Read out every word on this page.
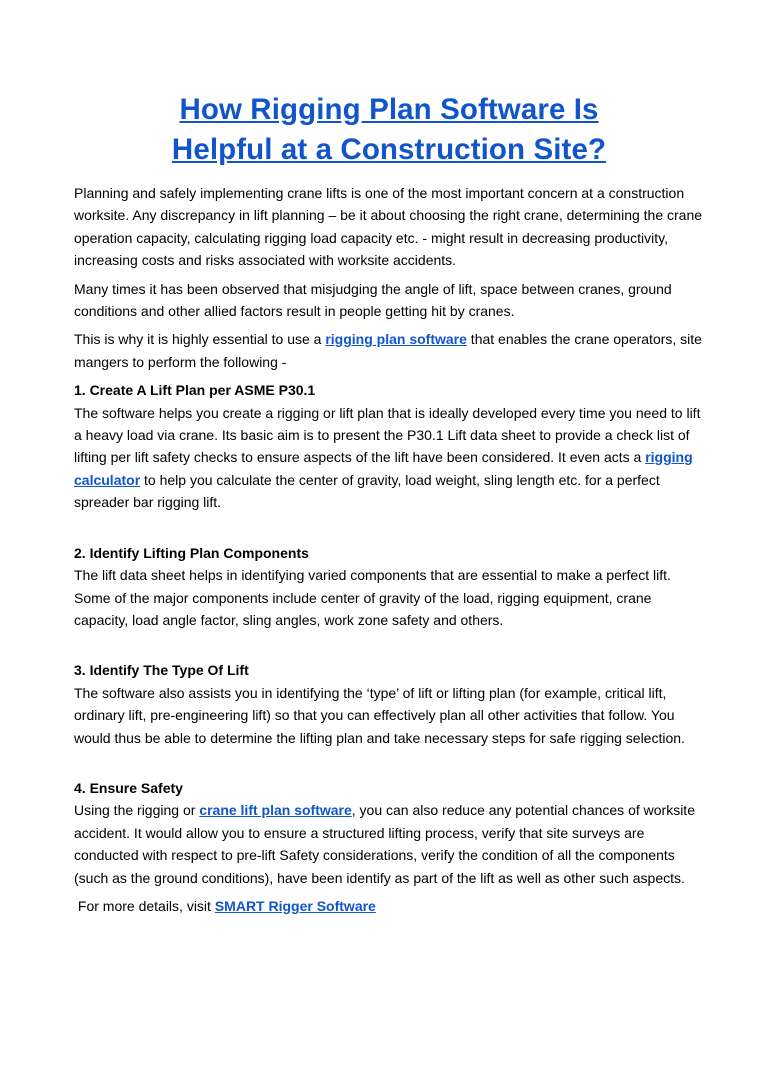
How Rigging Plan Software Is
Helpful at a Construction Site?

Planning and safely implementing crane lifts is one of the most important concern at a construction worksite. Any discrepancy in lift planning – be it about choosing the right crane, determining the crane operation capacity, calculating rigging load capacity etc. - might result in decreasing productivity, increasing costs and risks associated with worksite accidents.

Many times it has been observed that misjudging the angle of lift, space between cranes, ground conditions and other allied factors result in people getting hit by cranes.

This is why it is highly essential to use a rigging plan software that enables the crane operators, site mangers to perform the following -

1. Create A Lift Plan per ASME P30.1

The software helps you create a rigging or lift plan that is ideally developed every time you need to lift a heavy load via crane. Its basic aim is to present the P30.1 Lift data sheet to provide a check list of lifting per lift safety checks to ensure aspects of the lift have been considered. It even acts a rigging calculator to help you calculate the center of gravity, load weight, sling length etc. for a perfect spreader bar rigging lift.

2. Identify Lifting Plan Components

The lift data sheet helps in identifying varied components that are essential to make a perfect lift. Some of the major components include center of gravity of the load, rigging equipment, crane capacity, load angle factor, sling angles, work zone safety and others.

3. Identify The Type Of Lift

The software also assists you in identifying the ‘type’ of lift or lifting plan (for example, critical lift, ordinary lift, pre-engineering lift) so that you can effectively plan all other activities that follow. You would thus be able to determine the lifting plan and take necessary steps for safe rigging selection.

4. Ensure Safety

Using the rigging or crane lift plan software, you can also reduce any potential chances of worksite accident. It would allow you to ensure a structured lifting process, verify that site surveys are conducted with respect to pre-lift Safety considerations, verify the condition of all the components (such as the ground conditions), have been identify as part of the lift as well as other such aspects.

For more details, visit SMART Rigger Software
